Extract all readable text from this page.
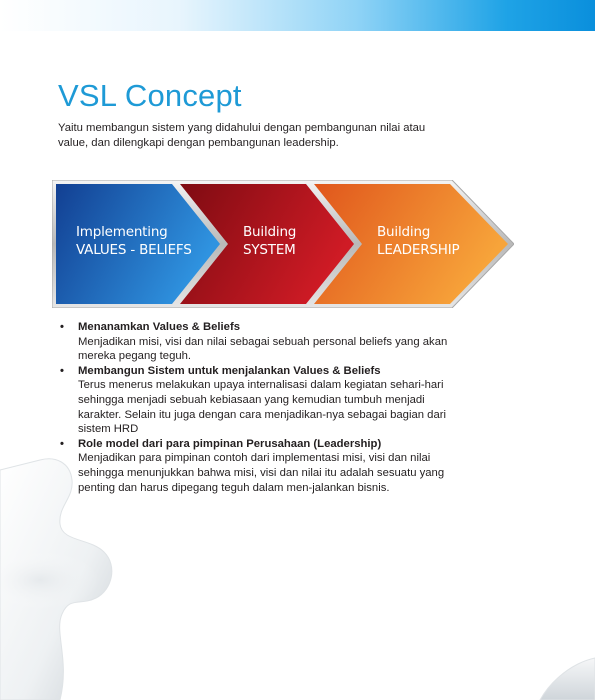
VSL Concept
Yaitu membangun sistem yang didahului dengan pembangunan nilai atau value, dan dilengkapi dengan pembangunan leadership.
Implementing
VALUES - BELIEFS
Building
SYSTEM
Building
LEADERSHIP
• Menanamkan Values & Beliefs
Menjadikan misi, visi dan nilai sebagai sebuah personal beliefs yang akan mereka pegang teguh.
• Membangun Sistem untuk menjalankan Values & Beliefs
Terus menerus melakukan upaya internalisasi dalam kegiatan sehari-hari sehingga menjadi sebuah kebiasaan yang kemudian tumbuh menjadi karakter. Selain itu juga dengan cara menjadikan-nya sebagai bagian dari sistem HRD
• Role model dari para pimpinan Perusahaan (Leadership)
Menjadikan para pimpinan contoh dari implementasi misi, visi dan nilai sehingga menunjukkan bahwa misi, visi dan nilai itu adalah sesuatu yang penting dan harus dipegang teguh dalam men-jalankan bisnis.
